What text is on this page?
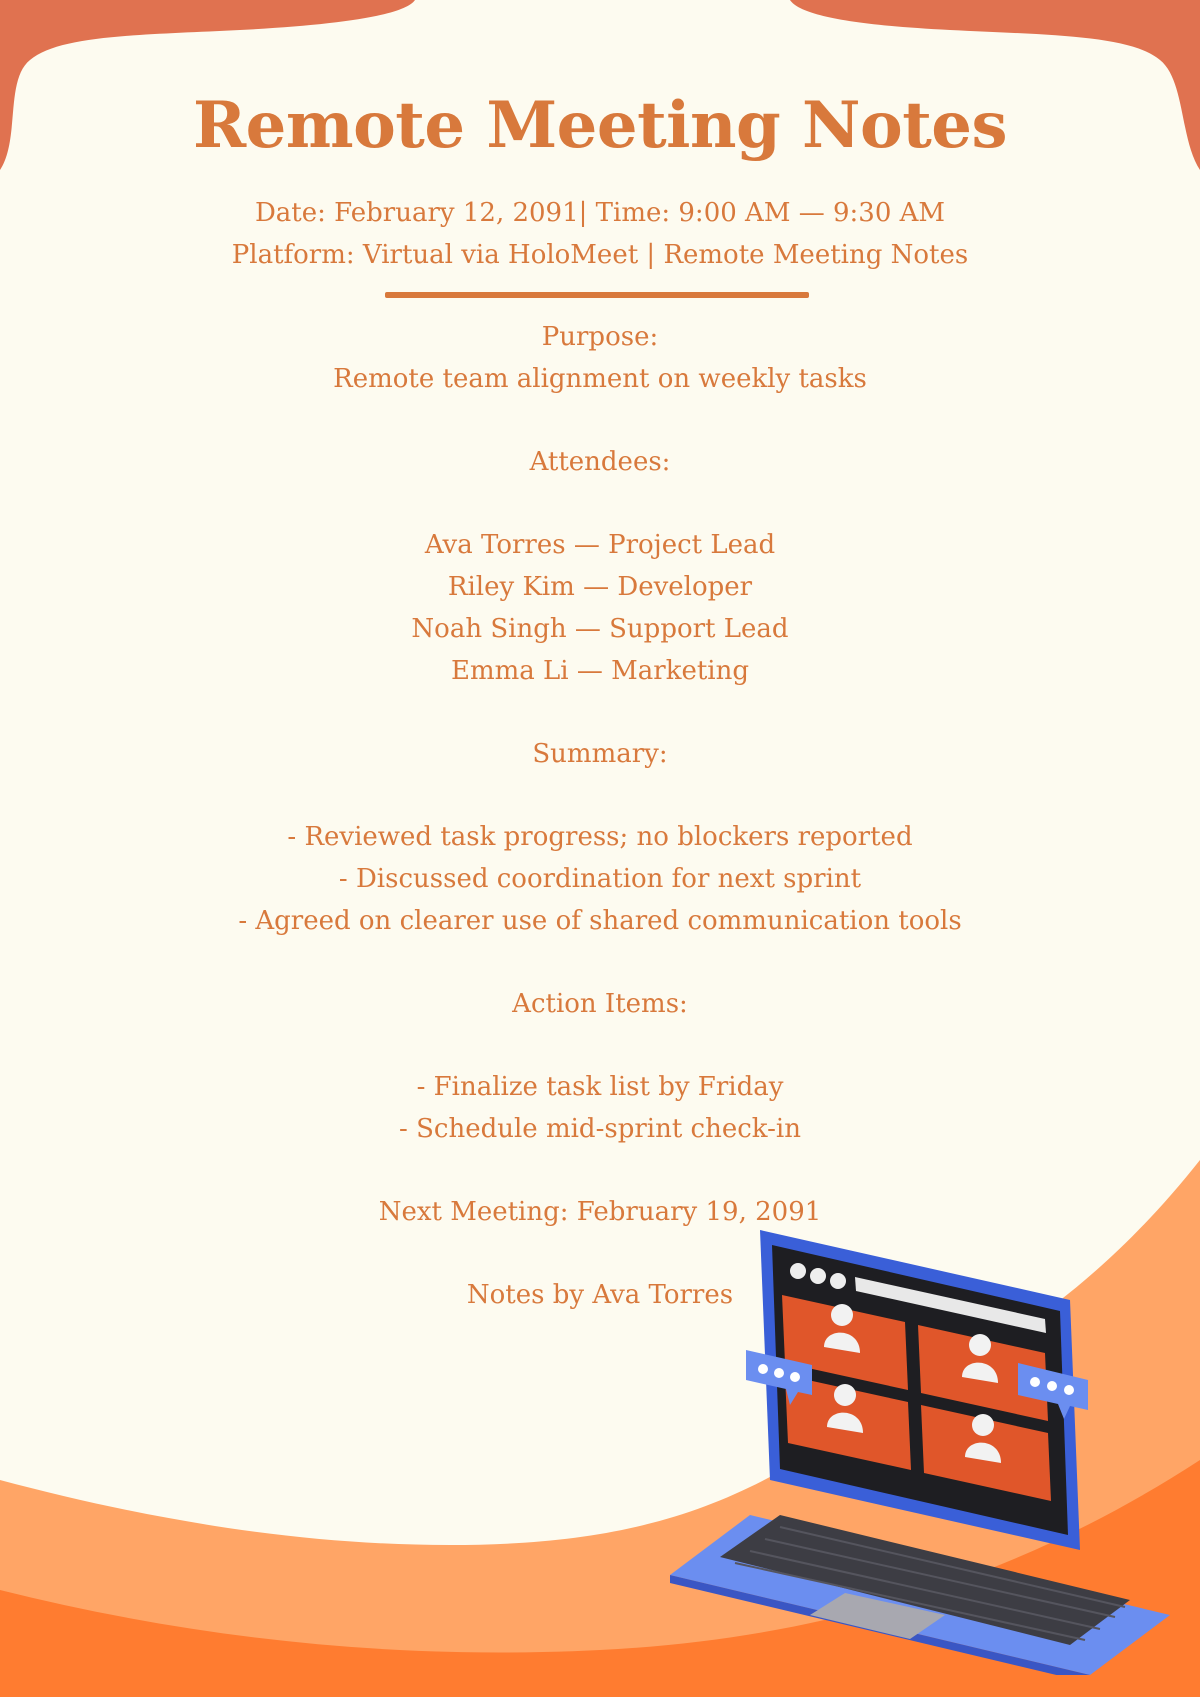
Remote Meeting Notes
Date: February 12, 2091| Time: 9:00 AM — 9:30 AM
Platform: Virtual via HoloMeet | Remote Meeting Notes
Purpose:
Remote team alignment on weekly tasks
Attendees:
Ava Torres — Project Lead
Riley Kim — Developer
Noah Singh — Support Lead
Emma Li — Marketing
Summary:
- Reviewed task progress; no blockers reported
- Discussed coordination for next sprint
- Agreed on clearer use of shared communication tools
Action Items:
- Finalize task list by Friday
- Schedule mid-sprint check-in
Next Meeting: February 19, 2091
Notes by Ava Torres
